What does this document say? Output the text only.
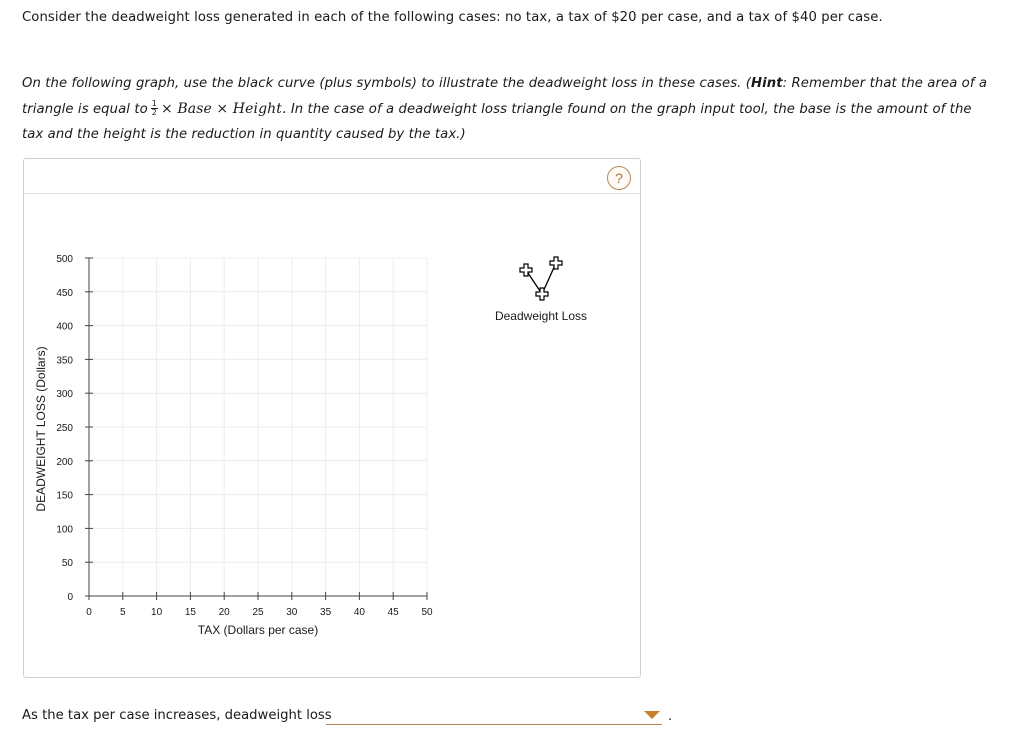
Consider the deadweight loss generated in each of the following cases: no tax, a tax of $20 per case, and a tax of $40 per case.
On the following graph, use the black curve (plus symbols) to illustrate the deadweight loss in these cases. (Hint: Remember that the area of a triangle is equal to $\frac{1}{2}$ × Base × Height. In the case of a deadweight loss triangle found on the graph input tool, the base is the amount of the tax and the height is the reduction in quantity caused by the tax.)
?
0	5	10 15 20 25 30 35 40 45 50
0
50
100
150
200
250
300
350
400
450
500
TAX (Dollars per case)
DEADWEIGHT LOSS (Dollars)
Deadweight Loss
As the tax per case increases, deadweight loss	.
